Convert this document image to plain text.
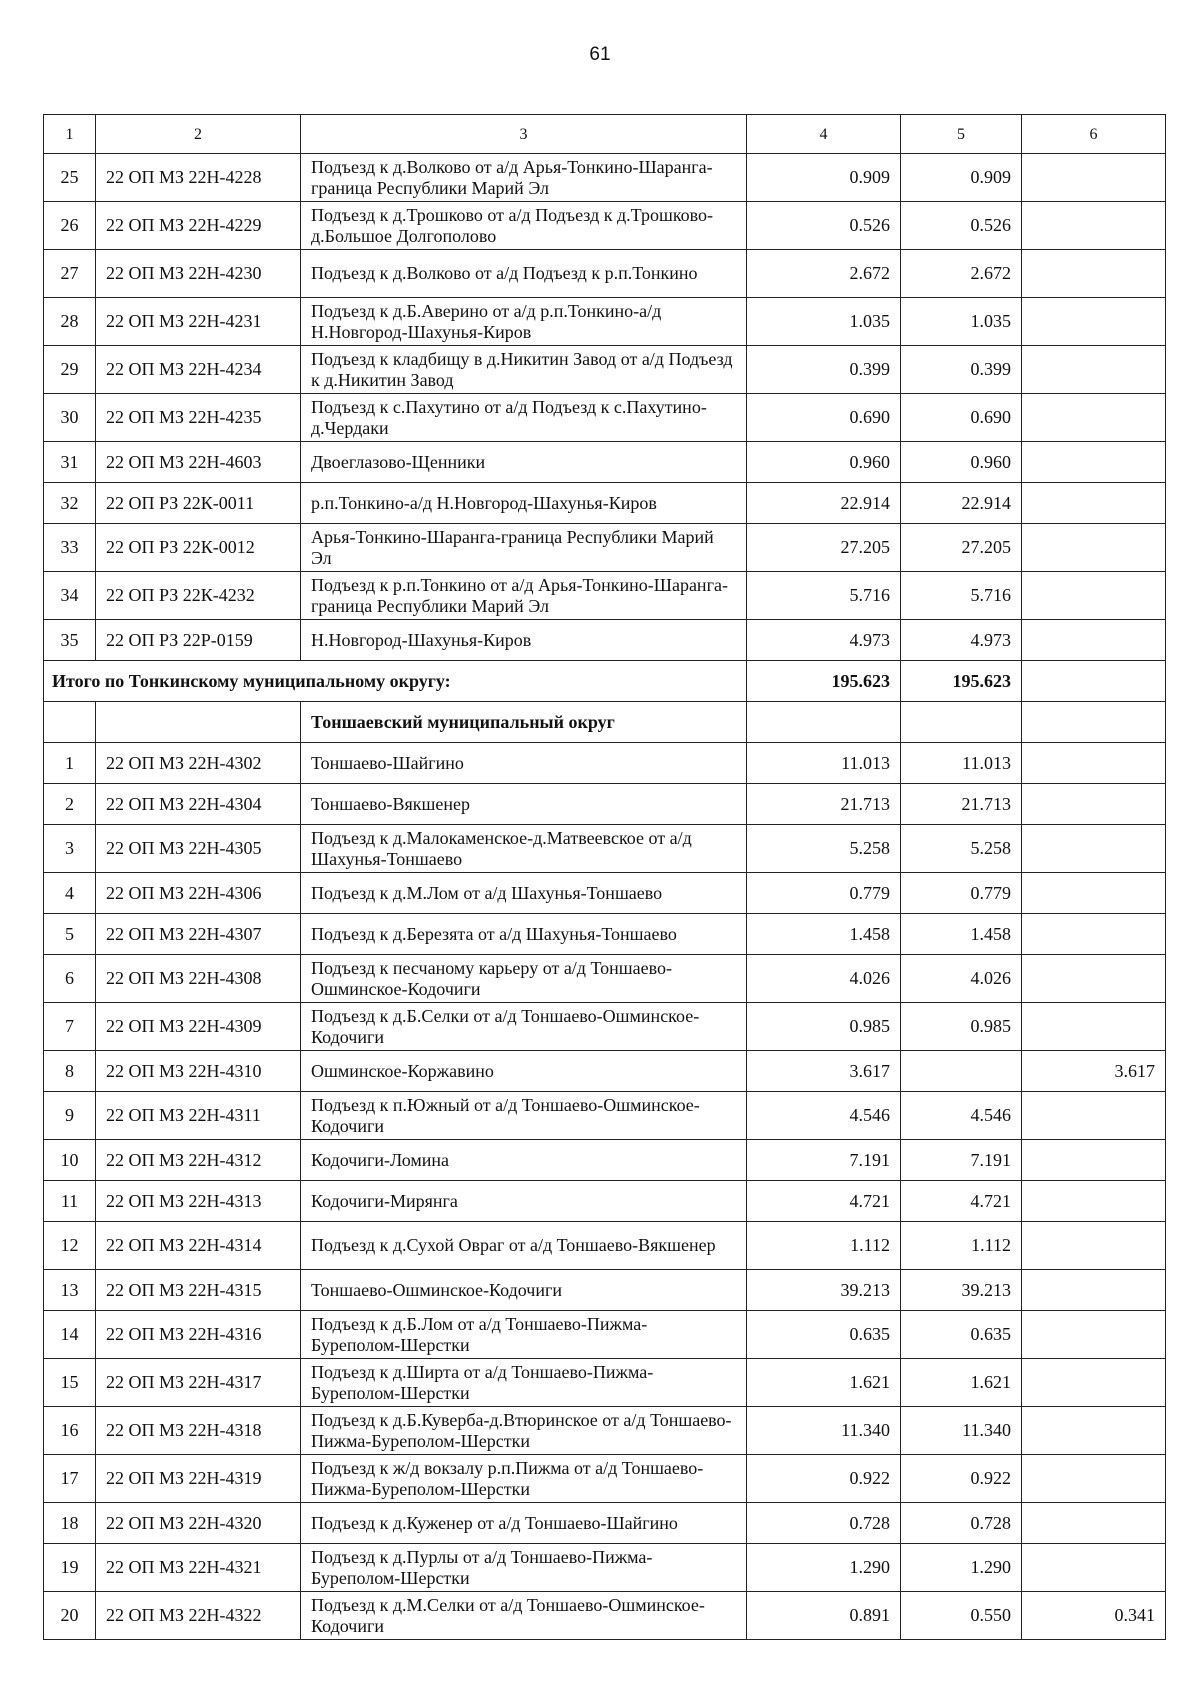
61
1	2	3	4	5	6
25	22 ОП МЗ 22Н-4228	Подъезд к д.Волково от а/д Арья-Тонкино-Шаранга-граница Республики Марий Эл	0.909	0.909	
26	22 ОП МЗ 22Н-4229	Подъезд к д.Трошково от а/д Подъезд к д.Трошково-д.Большое Долгополово	0.526	0.526	
27	22 ОП МЗ 22Н-4230	Подъезд к д.Волково от а/д Подъезд к р.п.Тонкино	2.672	2.672	
28	22 ОП МЗ 22Н-4231	Подъезд к д.Б.Аверино от а/д р.п.Тонкино-а/д Н.Новгород-Шахунья-Киров	1.035	1.035	
29	22 ОП МЗ 22Н-4234	Подъезд к кладбищу в д.Никитин Завод от а/д Подъезд к д.Никитин Завод	0.399	0.399	
30	22 ОП МЗ 22Н-4235	Подъезд к с.Пахутино от а/д Подъезд к с.Пахутино-д.Чердаки	0.690	0.690	
31	22 ОП МЗ 22Н-4603	Двоеглазово-Щенники	0.960	0.960	
32	22 ОП РЗ 22К-0011	р.п.Тонкино-а/д Н.Новгород-Шахунья-Киров	22.914	22.914	
33	22 ОП РЗ 22К-0012	Арья-Тонкино-Шаранга-граница Республики Марий Эл	27.205	27.205	
34	22 ОП РЗ 22К-4232	Подъезд к р.п.Тонкино от а/д Арья-Тонкино-Шаранга-граница Республики Марий Эл	5.716	5.716	
35	22 ОП РЗ 22Р-0159	Н.Новгород-Шахунья-Киров	4.973	4.973	
Итого по Тонкинскому муниципальному округу:			195.623	195.623	
		Тоншаевский муниципальный округ			
1	22 ОП МЗ 22Н-4302	Тоншаево-Шайгино	11.013	11.013	
2	22 ОП МЗ 22Н-4304	Тоншаево-Вякшенер	21.713	21.713	
3	22 ОП МЗ 22Н-4305	Подъезд к д.Малокаменское-д.Матвеевское от а/д Шахунья-Тоншаево	5.258	5.258	
4	22 ОП МЗ 22Н-4306	Подъезд к д.М.Лом от а/д Шахунья-Тоншаево	0.779	0.779	
5	22 ОП МЗ 22Н-4307	Подъезд к д.Березята от а/д Шахунья-Тоншаево	1.458	1.458	
6	22 ОП МЗ 22Н-4308	Подъезд к песчаному карьеру от а/д Тоншаево-Ошминское-Кодочиги	4.026	4.026	
7	22 ОП МЗ 22Н-4309	Подъезд к д.Б.Селки от а/д Тоншаево-Ошминское-Кодочиги	0.985	0.985	
8	22 ОП МЗ 22Н-4310	Ошминское-Коржавино	3.617		3.617
9	22 ОП МЗ 22Н-4311	Подъезд к п.Южный от а/д Тоншаево-Ошминское-Кодочиги	4.546	4.546	
10	22 ОП МЗ 22Н-4312	Кодочиги-Ломина	7.191	7.191	
11	22 ОП МЗ 22Н-4313	Кодочиги-Мирянга	4.721	4.721	
12	22 ОП МЗ 22Н-4314	Подъезд к д.Сухой Овраг от а/д Тоншаево-Вякшенер	1.112	1.112	
13	22 ОП МЗ 22Н-4315	Тоншаево-Ошминское-Кодочиги	39.213	39.213	
14	22 ОП МЗ 22Н-4316	Подъезд к д.Б.Лом от а/д Тоншаево-Пижма-Буреполом-Шерстки	0.635	0.635	
15	22 ОП МЗ 22Н-4317	Подъезд к д.Ширта от а/д Тоншаево-Пижма-Буреполом-Шерстки	1.621	1.621	
16	22 ОП МЗ 22Н-4318	Подъезд к д.Б.Куверба-д.Втюринское от а/д Тоншаево-Пижма-Буреполом-Шерстки	11.340	11.340	
17	22 ОП МЗ 22Н-4319	Подъезд к ж/д вокзалу р.п.Пижма от а/д Тоншаево-Пижма-Буреполом-Шерстки	0.922	0.922	
18	22 ОП МЗ 22Н-4320	Подъезд к д.Куженер от а/д Тоншаево-Шайгино	0.728	0.728	
19	22 ОП МЗ 22Н-4321	Подъезд к д.Пурлы от а/д Тоншаево-Пижма-Буреполом-Шерстки	1.290	1.290	
20	22 ОП МЗ 22Н-4322	Подъезд к д.М.Селки от а/д Тоншаево-Ошминское-Кодочиги	0.891	0.550	0.341
